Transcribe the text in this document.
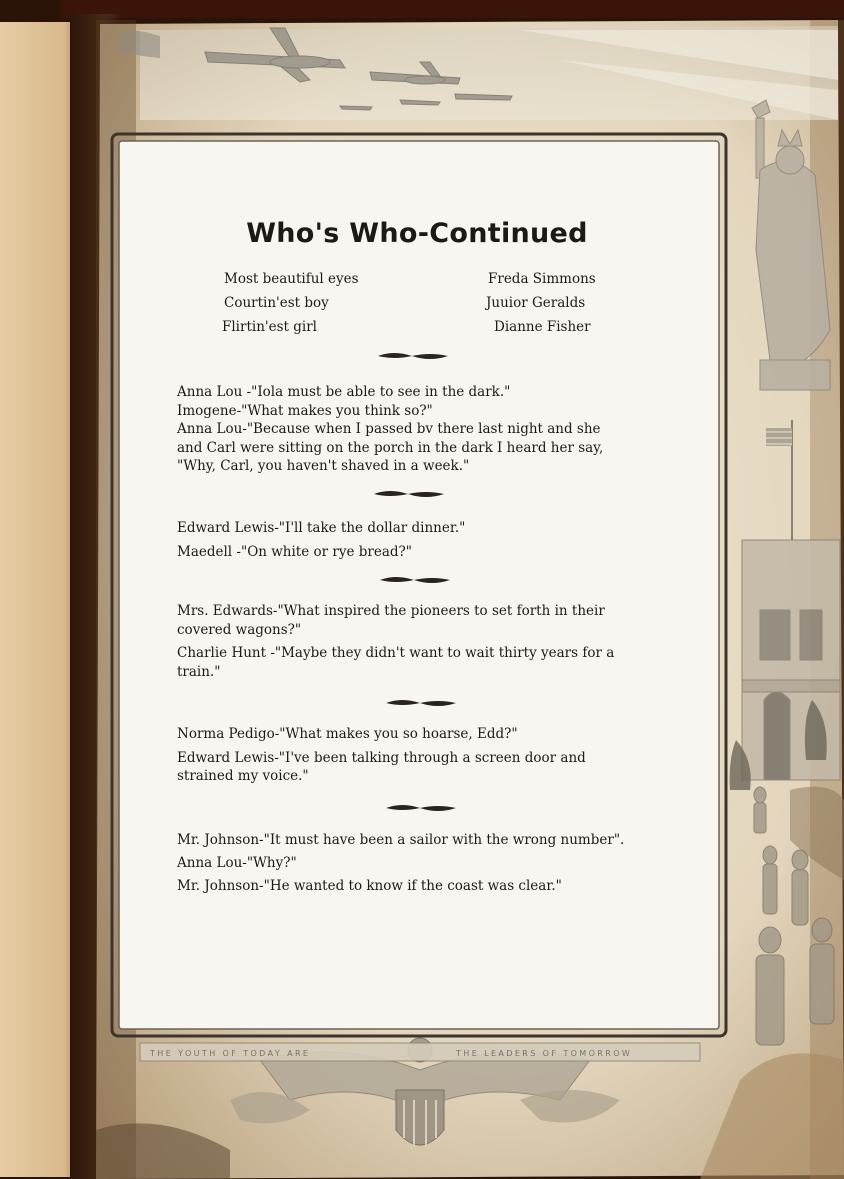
Who's Who-Continued
Most beautiful eyes	Freda Simmons
Courtin'est boy	Juuior Geralds
Flirtin'est girl	Dianne Fisher
Anna Lou -"Iola must be able to see in the dark."
Imogene-"What makes you think so?"
Anna Lou-"Because when I passed bv there last night and she
and Carl were sitting on the porch in the dark I heard her say,
"Why, Carl, you haven't shaved in a week."
Edward Lewis-"I'll take the dollar dinner."
Maedell -"On white or rye bread?"
Mrs. Edwards-"What inspired the pioneers to set forth in their
covered wagons?"
Charlie Hunt -"Maybe they didn't want to wait thirty years for a
train."
Norma Pedigo-"What makes you so hoarse, Edd?"
Edward Lewis-"I've been talking through a screen door and
strained my voice."
Mr. Johnson-"It must have been a sailor with the wrong number".
Anna Lou-"Why?"
Mr. Johnson-"He wanted to know if the coast was clear."
THE YOUTH OF TODAY ARE	THE LEADERS OF TOMORROW
